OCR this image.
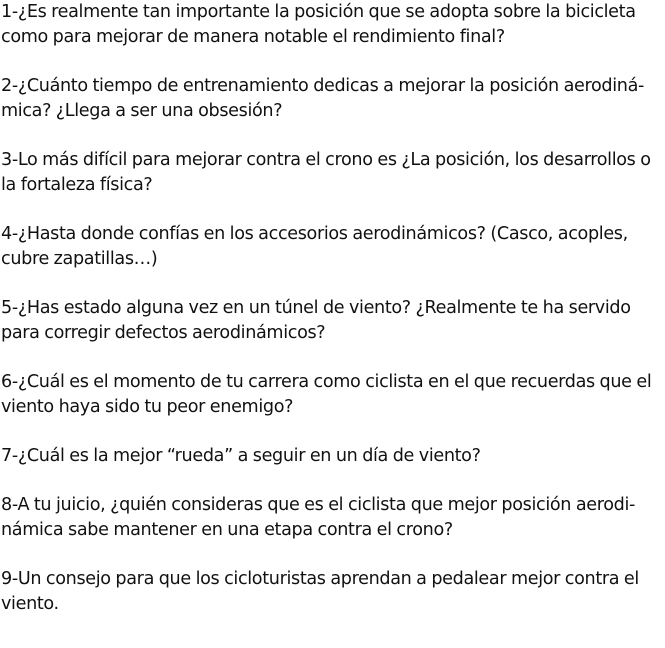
1-¿Es realmente tan importante la posición que se adopta sobre la bicicleta
como para mejorar de manera notable el rendimiento final?
2-¿Cuánto tiempo de entrenamiento dedicas a mejorar la posición aerodiná-
mica? ¿Llega a ser una obsesión?
3-Lo más difícil para mejorar contra el crono es ¿La posición, los desarrollos o
la fortaleza física?
4-¿Hasta donde confías en los accesorios aerodinámicos? (Casco, acoples,
cubre zapatillas…)
5-¿Has estado alguna vez en un túnel de viento? ¿Realmente te ha servido
para corregir defectos aerodinámicos?
6-¿Cuál es el momento de tu carrera como ciclista en el que recuerdas que el
viento haya sido tu peor enemigo?
7-¿Cuál es la mejor “rueda” a seguir en un día de viento?
8-A tu juicio, ¿quién consideras que es el ciclista que mejor posición aerodi-
námica sabe mantener en una etapa contra el crono?
9-Un consejo para que los cicloturistas aprendan a pedalear mejor contra el
viento.
